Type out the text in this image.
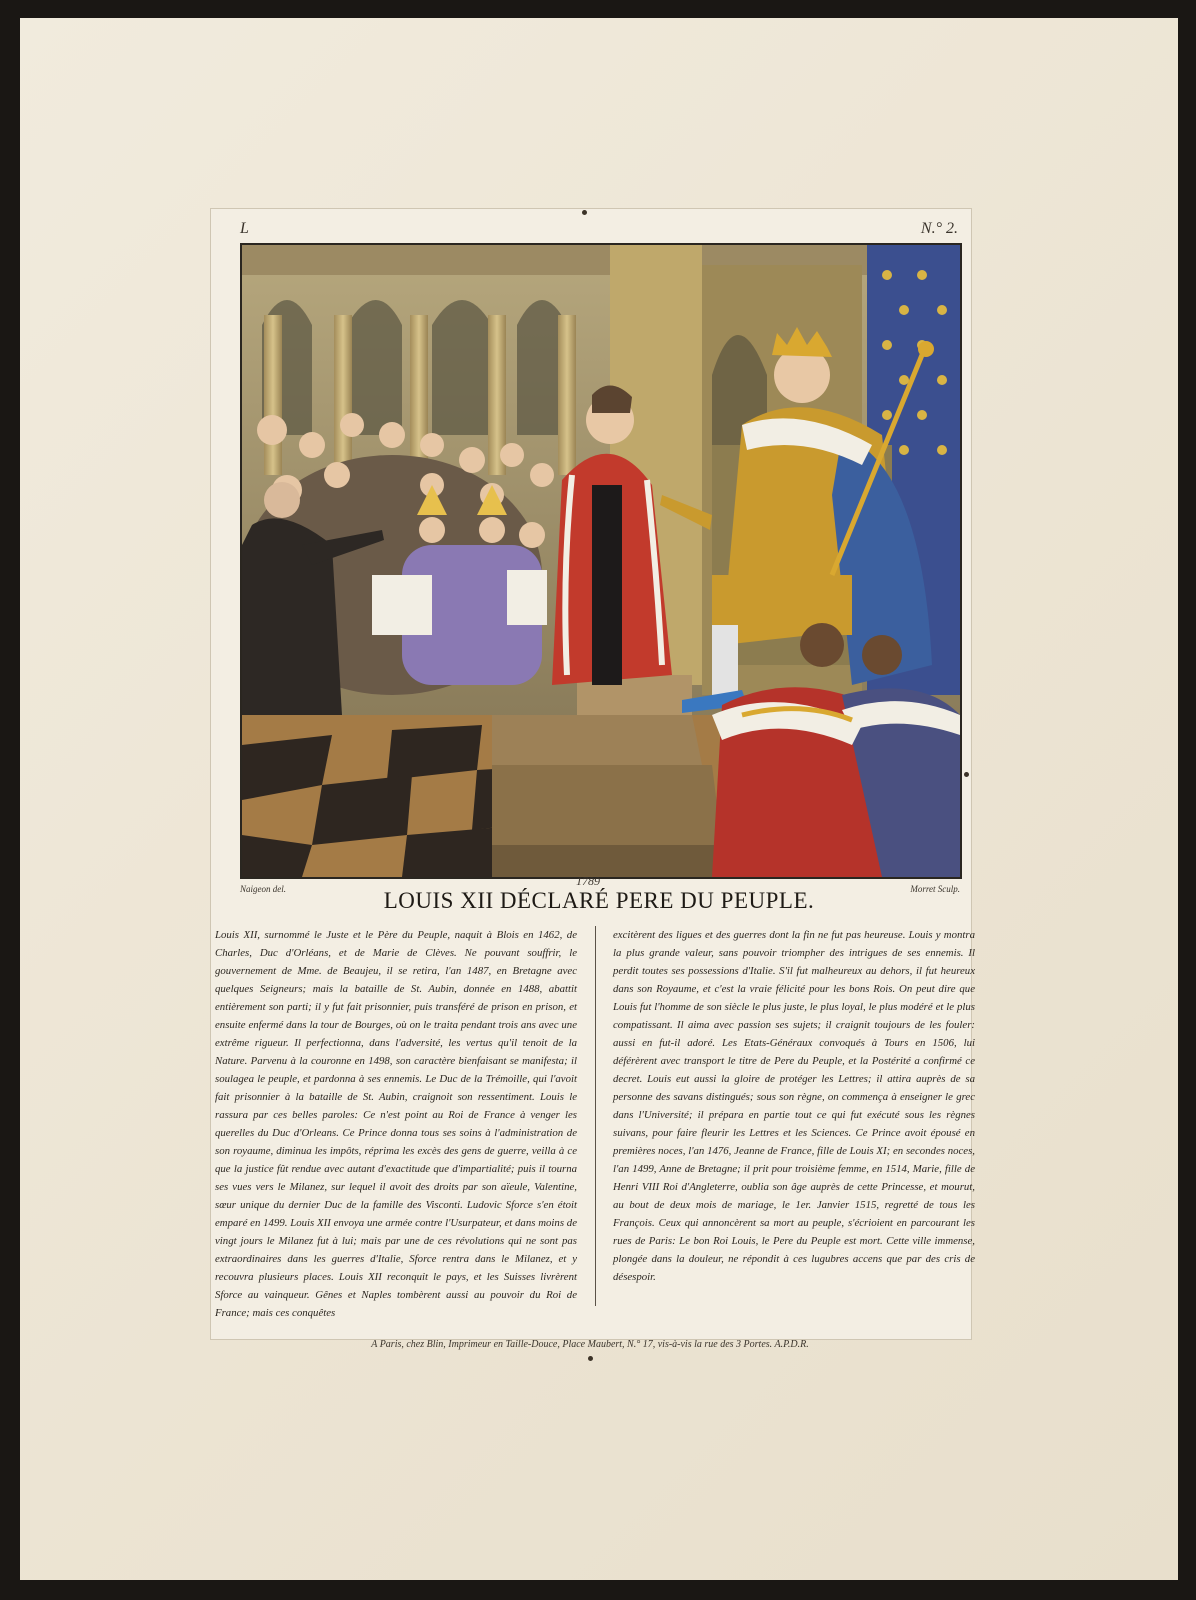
L	N.° 2.
Naigeon del.
1789
Morret Sculp.
LOUIS XII DÉCLARÉ PERE DU PEUPLE.

Louis XII, surnommé le Juste et le Père du Peuple, naquit à Blois en 1462, de Charles, Duc d'Orléans, et de Marie de Clèves. Ne pouvant souffrir, le gouvernement de Mme. de Beaujeu, il se retira, l'an 1487, en Bretagne avec quelques Seigneurs; mais la bataille de St. Aubin, donnée en 1488, abattit entièrement son parti; il y fut fait prisonnier, puis transféré de prison en prison, et ensuite enfermé dans la tour de Bourges, où on le traita pendant trois ans avec une extrême rigueur. Il perfectionna, dans l'adversité, les vertus qu'il tenoit de la Nature. Parvenu à la couronne en 1498, son caractère bienfaisant se manifesta; il soulagea le peuple, et pardonna à ses ennemis. Le Duc de la Trémoille, qui l'avoit fait prisonnier à la bataille de St. Aubin, craignoit son ressentiment. Louis le rassura par ces belles paroles: Ce n'est point au Roi de France à venger les querelles du Duc d'Orleans. Ce Prince donna tous ses soins à l'administration de son royaume, diminua les impôts, réprima les excès des gens de guerre, veilla à ce que la justice fût rendue avec autant d'exactitude que d'impartialité; puis il tourna ses vues vers le Milanez, sur lequel il avoit des droits par son aïeule, Valentine, sœur unique du dernier Duc de la famille des Visconti. Ludovic Sforce s'en étoit emparé en 1499. Louis XII envoya une armée contre l'Usurpateur, et dans moins de vingt jours le Milanez fut à lui; mais par une de ces révolutions qui ne sont pas extraordinaires dans les guerres d'Italie, Sforce rentra dans le Milanez, et y recouvra plusieurs places. Louis XII reconquit le pays, et les Suisses livrèrent Sforce au vainqueur. Gênes et Naples tombèrent aussi au pouvoir du Roi de France; mais ces conquêtes

excitèrent des ligues et des guerres dont la fin ne fut pas heureuse. Louis y montra la plus grande valeur, sans pouvoir triompher des intrigues de ses ennemis. Il perdit toutes ses possessions d'Italie. S'il fut malheureux au dehors, il fut heureux dans son Royaume, et c'est la vraie félicité pour les bons Rois. On peut dire que Louis fut l'homme de son siècle le plus juste, le plus loyal, le plus modéré et le plus compatissant. Il aima avec passion ses sujets; il craignit toujours de les fouler: aussi en fut-il adoré. Les Etats-Généraux convoqués à Tours en 1506, lui déférèrent avec transport le titre de Pere du Peuple, et la Postérité a confirmé ce decret. Louis eut aussi la gloire de protéger les Lettres; il attira auprès de sa personne des savans distingués; sous son règne, on commença à enseigner le grec dans l'Université; il prépara en partie tout ce qui fut exécuté sous les règnes suivans, pour faire fleurir les Lettres et les Sciences. Ce Prince avoit épousé en premières noces, l'an 1476, Jeanne de France, fille de Louis XI; en secondes noces, l'an 1499, Anne de Bretagne; il prit pour troisième femme, en 1514, Marie, fille de Henri VIII Roi d'Angleterre, oublia son âge auprès de cette Princesse, et mourut, au bout de deux mois de mariage, le 1er. Janvier 1515, regretté de tous les François. Ceux qui annoncèrent sa mort au peuple, s'écrioient en parcourant les rues de Paris: Le bon Roi Louis, le Pere du Peuple est mort. Cette ville immense, plongée dans la douleur, ne répondit à ces lugubres accens que par des cris de désespoir.

A Paris, chez Blin, Imprimeur en Taille-Douce, Place Maubert, N.° 17, vis-à-vis la rue des 3 Portes. A.P.D.R.
